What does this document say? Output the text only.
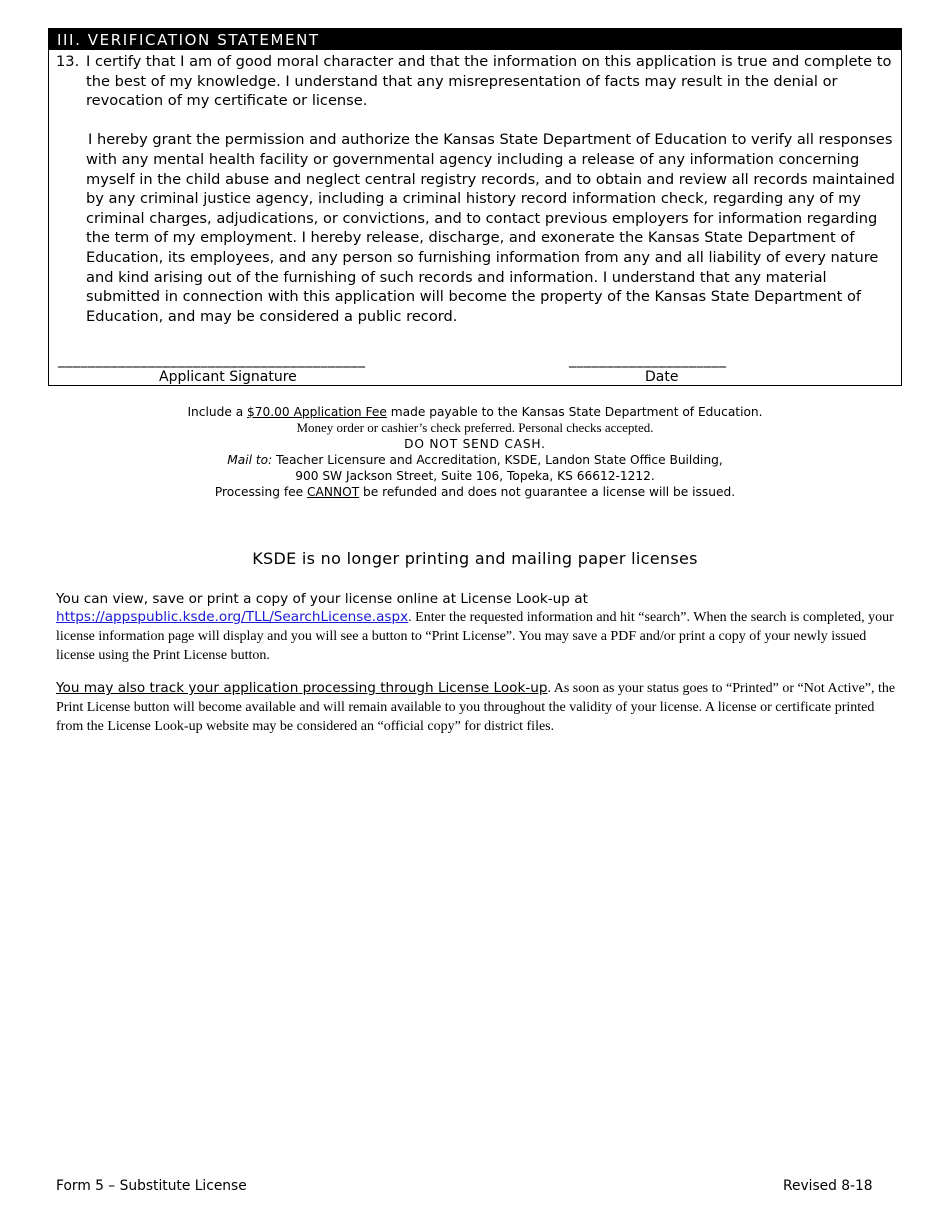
III. VERIFICATION STATEMENT
13. I certify that I am of good moral character and that the information on this application is true and complete to the best of my knowledge. I understand that any misrepresentation of facts may result in the denial or revocation of my certificate or license.

I hereby grant the permission and authorize the Kansas State Department of Education to verify all responses with any mental health facility or governmental agency including a release of any information concerning myself in the child abuse and neglect central registry records, and to obtain and review all records maintained by any criminal justice agency, including a criminal history record information check, regarding any of my criminal charges, adjudications, or convictions, and to contact previous employers for information regarding the term of my employment. I hereby release, discharge, and exonerate the Kansas State Department of Education, its employees, and any person so furnishing information from any and all liability of every nature and kind arising out of the furnishing of such records and information. I understand that any material submitted in connection with this application will become the property of the Kansas State Department of Education, and may be considered a public record.

_________________________________________	_____________________
Applicant Signature	Date
Include a $70.00 Application Fee made payable to the Kansas State Department of Education.
Money order or cashier’s check preferred. Personal checks accepted.
DO NOT SEND CASH.
Mail to: Teacher Licensure and Accreditation, KSDE, Landon State Office Building,
900 SW Jackson Street, Suite 106, Topeka, KS 66612-1212.
Processing fee CANNOT be refunded and does not guarantee a license will be issued.
KSDE is no longer printing and mailing paper licenses
You can view, save or print a copy of your license online at License Look-up at https://appspublic.ksde.org/TLL/SearchLicense.aspx. Enter the requested information and hit “search”. When the search is completed, your license information page will display and you will see a button to “Print License”. You may save a PDF and/or print a copy of your newly issued license using the Print License button.
You may also track your application processing through License Look-up. As soon as your status goes to “Printed” or “Not Active”, the Print License button will become available and will remain available to you throughout the validity of your license. A license or certificate printed from the License Look-up website may be considered an “official copy” for district files.
Form 5 – Substitute License	Revised 8-18
